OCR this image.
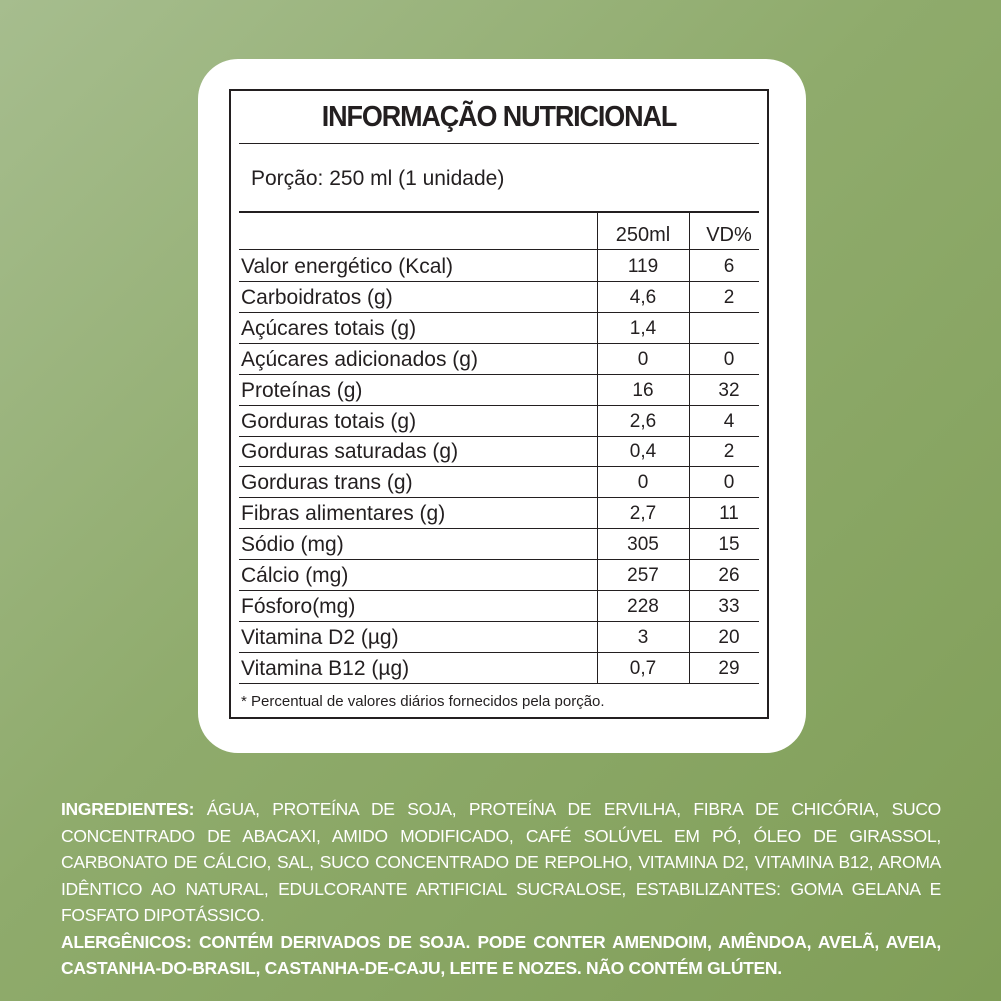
INFORMAÇÃO NUTRICIONAL
Porção: 250 ml (1 unidade)
250ml	VD%
Valor energético (Kcal)	119	6
Carboidratos (g)	4,6	2
Açúcares totais (g)	1,4
Açúcares adicionados (g)	0	0
Proteínas (g)	16	32
Gorduras totais (g)	2,6	4
Gorduras saturadas (g)	0,4	2
Gorduras trans (g)	0	0
Fibras alimentares (g)	2,7	11
Sódio (mg)	305	15
Cálcio (mg)	257	26
Fósforo(mg)	228	33
Vitamina D2 (µg)	3	20
Vitamina B12 (µg)	0,7	29
* Percentual de valores diários fornecidos pela porção.
INGREDIENTES: ÁGUA, PROTEÍNA DE SOJA, PROTEÍNA DE ERVILHA, FIBRA DE CHICÓRIA, SUCO CONCENTRADO DE ABACAXI, AMIDO MODIFICADO, CAFÉ SOLÚVEL EM PÓ, ÓLEO DE GIRASSOL, CARBONATO DE CÁLCIO, SAL, SUCO CONCENTRADO DE REPOLHO, VITAMINA D2, VITAMINA B12, AROMA IDÊNTICO AO NATURAL, EDULCORANTE ARTIFICIAL SUCRALOSE, ESTABILIZANTES: GOMA GELANA E FOSFATO DIPOTÁSSICO.
ALERGÊNICOS: CONTÉM DERIVADOS DE SOJA. PODE CONTER AMENDOIM, AMÊNDOA, AVELÃ, AVEIA, CASTANHA-DO-BRASIL, CASTANHA-DE-CAJU, LEITE E NOZES. NÃO CONTÉM GLÚTEN.
